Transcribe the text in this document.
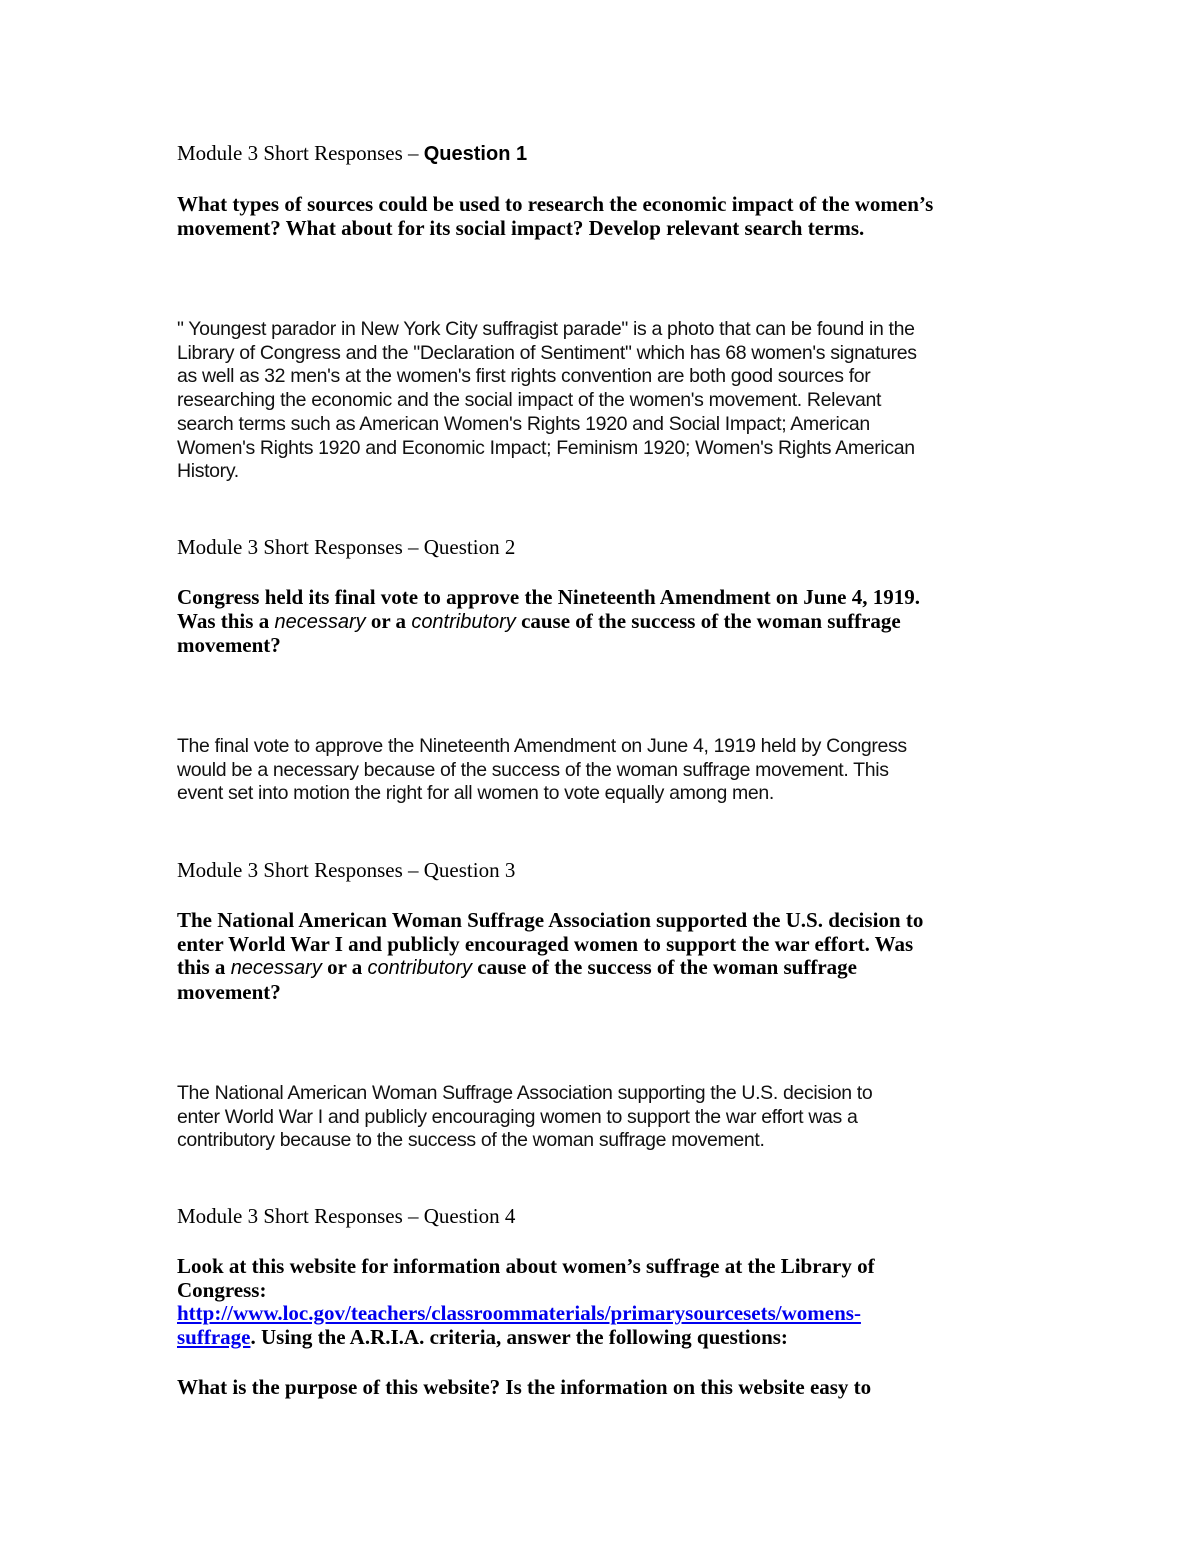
Module 3 Short Responses – Question 1
What types of sources could be used to research the economic impact of the women’s
movement? What about for its social impact? Develop relevant search terms.
" Youngest parador in New York City suffragist parade" is a photo that can be found in the
Library of Congress and the "Declaration of Sentiment" which has 68 women's signatures
as well as 32 men's at the women's first rights convention are both good sources for
researching the economic and the social impact of the women's movement. Relevant
search terms such as American Women's Rights 1920 and Social Impact; American
Women's Rights 1920 and Economic Impact; Feminism 1920; Women's Rights American
History.
Module 3 Short Responses – Question 2
Congress held its final vote to approve the Nineteenth Amendment on June 4, 1919.
Was this a necessary or a contributory cause of the success of the woman suffrage
movement?
The final vote to approve the Nineteenth Amendment on June 4, 1919 held by Congress
would be a necessary because of the success of the woman suffrage movement. This
event set into motion the right for all women to vote equally among men.
Module 3 Short Responses – Question 3
The National American Woman Suffrage Association supported the U.S. decision to
enter World War I and publicly encouraged women to support the war effort. Was
this a necessary or a contributory cause of the success of the woman suffrage
movement?
The National American Woman Suffrage Association supporting the U.S. decision to
enter World War I and publicly encouraging women to support the war effort was a
contributory because to the success of the woman suffrage movement.
Module 3 Short Responses – Question 4
Look at this website for information about women’s suffrage at the Library of
Congress:
http://www.loc.gov/teachers/classroommaterials/primarysourcesets/womens-
suffrage. Using the A.R.I.A. criteria, answer the following questions:
What is the purpose of this website? Is the information on this website easy to
